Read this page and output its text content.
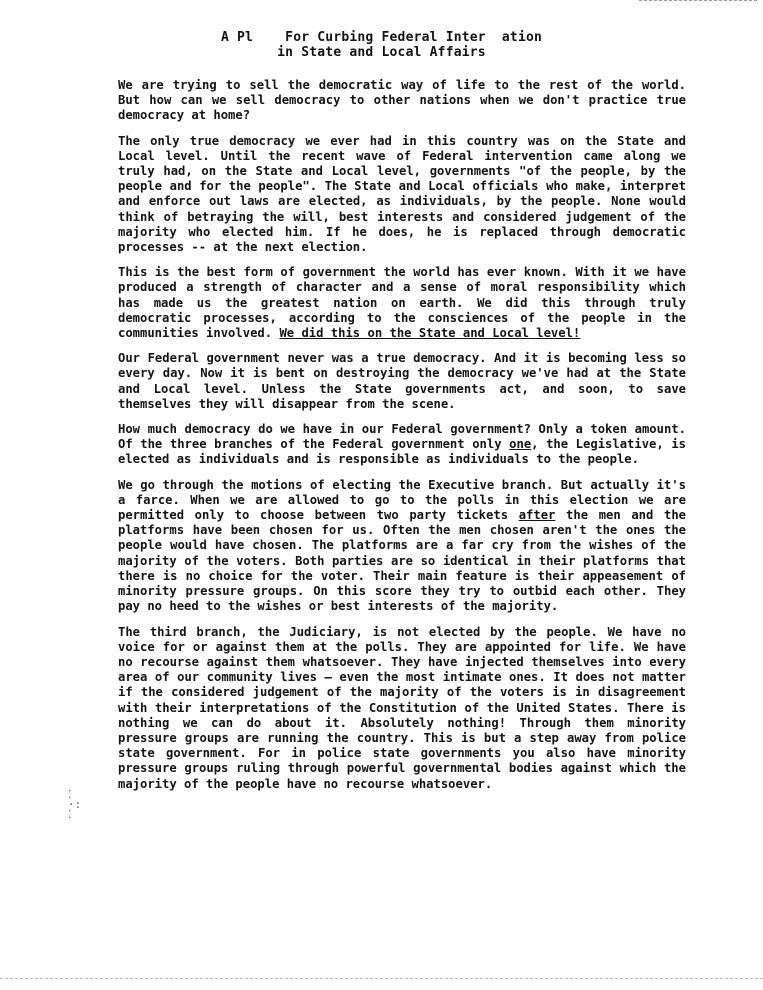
A Pl    For Curbing Federal Inter  ation
in State and Local Affairs

We are trying to sell the democratic way of life to the rest of the world. But how can we sell democracy to other nations when we don't practice true democracy at home?

The only true democracy we ever had in this country was on the State and Local level. Until the recent wave of Federal intervention came along we truly had, on the State and Local level, governments "of the people, by the people and for the people". The State and Local officials who make, interpret and enforce out laws are elected, as individuals, by the people. None would think of betraying the will, best interests and considered judgement of the majority who elected him. If he does, he is replaced through democratic processes -- at the next election.

This is the best form of government the world has ever known. With it we have produced a strength of character and a sense of moral responsibility which has made us the greatest nation on earth. We did this through truly democratic processes, according to the consciences of the people in the communities involved. We did this on the State and Local level!

Our Federal government never was a true democracy. And it is becoming less so every day. Now it is bent on destroying the democracy we've had at the State and Local level. Unless the State governments act, and soon, to save themselves they will disappear from the scene.

How much democracy do we have in our Federal government? Only a token amount. Of the three branches of the Federal government only one, the Legislative, is elected as individuals and is responsible as individuals to the people.

We go through the motions of electing the Executive branch. But actually it's a farce. When we are allowed to go to the polls in this election we are permitted only to choose between two party tickets after the men and the platforms have been chosen for us. Often the men chosen aren't the ones the people would have chosen. The platforms are a far cry from the wishes of the majority of the voters. Both parties are so identical in their platforms that there is no choice for the voter. Their main feature is their appeasement of minority pressure groups. On this score they try to outbid each other. They pay no heed to the wishes or best interests of the majority.

The third branch, the Judiciary, is not elected by the people. We have no voice for or against them at the polls. They are appointed for life. We have no recourse against them whatsoever. They have injected themselves into every area of our community lives — even the most intimate ones. It does not matter if the considered judgement of the majority of the voters is in disagreement with their interpretations of the Constitution of the United States. There is nothing we can do about it. Absolutely nothing! Through them minority pressure groups are running the country. This is but a step away from police state government. For in police state governments you also have minority pressure groups ruling through powerful governmental bodies against which the majority of the people have no recourse whatsoever.

⁚
·:
⁚
